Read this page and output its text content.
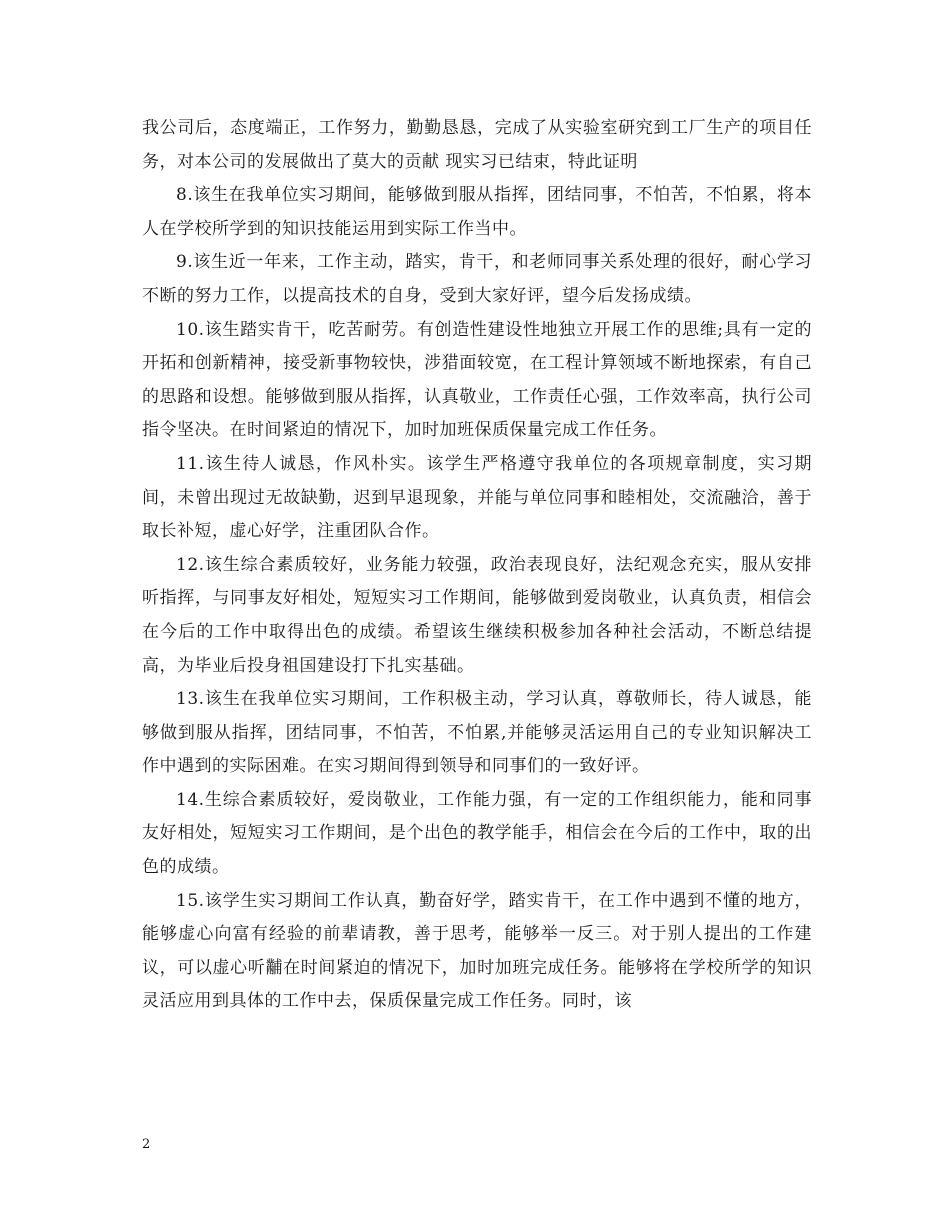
我公司后，态度端正，工作努力，勤勤恳恳，完成了从实验室研究到工厂生产的项目任务，对本公司的发展做出了莫大的贡献 现实习已结束，特此证明

8.该生在我单位实习期间，能够做到服从指挥，团结同事，不怕苦，不怕累，将本人在学校所学到的知识技能运用到实际工作当中。

9.该生近一年来，工作主动，踏实，肯干，和老师同事关系处理的很好，耐心学习不断的努力工作，以提高技术的自身，受到大家好评，望今后发扬成绩。

10.该生踏实肯干，吃苦耐劳。有创造性建设性地独立开展工作的思维;具有一定的开拓和创新精神，接受新事物较快，涉猎面较宽，在工程计算领域不断地探索，有自己的思路和设想。能够做到服从指挥，认真敬业，工作责任心强，工作效率高，执行公司指令坚决。在时间紧迫的情况下，加时加班保质保量完成工作任务。

11.该生待人诚恳，作风朴实。该学生严格遵守我单位的各项规章制度，实习期间，未曾出现过无故缺勤，迟到早退现象，并能与单位同事和睦相处，交流融洽，善于取长补短，虚心好学，注重团队合作。

12.该生综合素质较好，业务能力较强，政治表现良好，法纪观念充实，服从安排听指挥，与同事友好相处，短短实习工作期间，能够做到爱岗敬业，认真负责，相信会在今后的工作中取得出色的成绩。希望该生继续积极参加各种社会活动，不断总结提高，为毕业后投身祖国建设打下扎实基础。

13.该生在我单位实习期间，工作积极主动，学习认真，尊敬师长，待人诚恳，能够做到服从指挥，团结同事，不怕苦，不怕累,并能够灵活运用自己的专业知识解决工作中遇到的实际困难。在实习期间得到领导和同事们的一致好评。

14.生综合素质较好，爱岗敬业，工作能力强，有一定的工作组织能力，能和同事友好相处，短短实习工作期间，是个出色的教学能手，相信会在今后的工作中，取的出色的成绩。

15.该学生实习期间工作认真，勤奋好学，踏实肯干，在工作中遇到不懂的地方，能够虚心向富有经验的前辈请教，善于思考，能够举一反三。对于别人提出的工作建议，可以虚心听黼在时间紧迫的情况下，加时加班完成任务。能够将在学校所学的知识灵活应用到具体的工作中去，保质保量完成工作任务。同时，该

2
